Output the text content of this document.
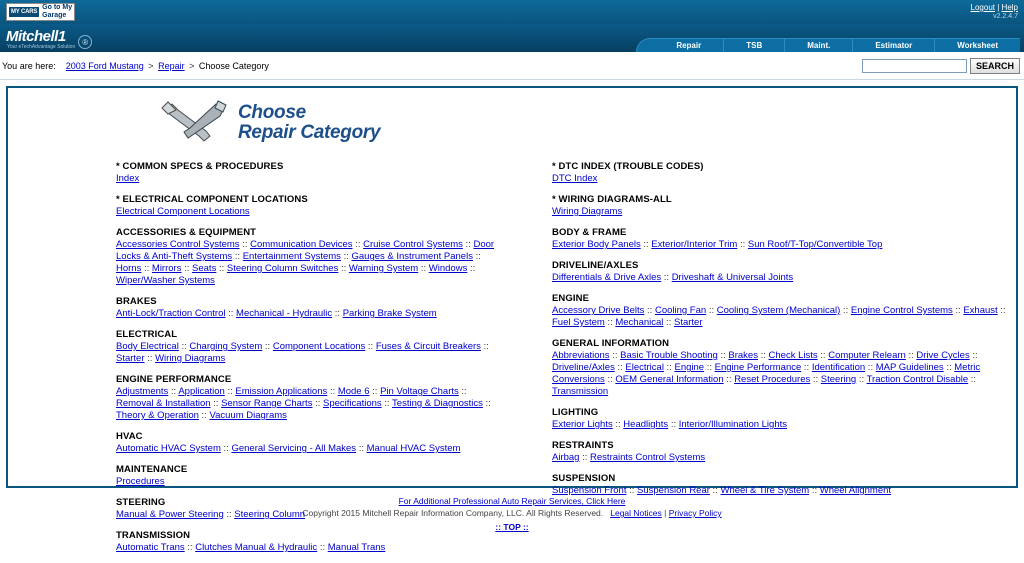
MY CARS
Go to My
Garage
Logout | Help
v2.2.4.7
Mitchell1
Your eTechAdvantage Solution ®	Repair	TSB	Maint.	Estimator	Worksheet
You are here: 2003 Ford Mustang > Repair > Choose Category	SEARCH
Choose
Repair Category
* COMMON SPECS & PROCEDURES
Index
* ELECTRICAL COMPONENT LOCATIONS
Electrical Component Locations
ACCESSORIES & EQUIPMENT
Accessories Control Systems :: Communication Devices :: Cruise Control Systems :: Door Locks & Anti-Theft Systems :: Entertainment Systems :: Gauges & Instrument Panels :: Horns :: Mirrors :: Seats :: Steering Column Switches :: Warning System :: Windows :: Wiper/Washer Systems
BRAKES
Anti-Lock/Traction Control :: Mechanical - Hydraulic :: Parking Brake System
ELECTRICAL
Body Electrical :: Charging System :: Component Locations :: Fuses & Circuit Breakers :: Starter :: Wiring Diagrams
ENGINE PERFORMANCE
Adjustments :: Application :: Emission Applications :: Mode 6 :: Pin Voltage Charts :: Removal & Installation :: Sensor Range Charts :: Specifications :: Testing & Diagnostics :: Theory & Operation :: Vacuum Diagrams
HVAC
Automatic HVAC System :: General Servicing - All Makes :: Manual HVAC System
MAINTENANCE
Procedures
STEERING
Manual & Power Steering :: Steering Column
TRANSMISSION
Automatic Trans :: Clutches Manual & Hydraulic :: Manual Trans
* DTC INDEX (TROUBLE CODES)
DTC Index
* WIRING DIAGRAMS-ALL
Wiring Diagrams
BODY & FRAME
Exterior Body Panels :: Exterior/Interior Trim :: Sun Roof/T-Top/Convertible Top
DRIVELINE/AXLES
Differentials & Drive Axles :: Driveshaft & Universal Joints
ENGINE
Accessory Drive Belts :: Cooling Fan :: Cooling System (Mechanical) :: Engine Control Systems :: Exhaust :: Fuel System :: Mechanical :: Starter
GENERAL INFORMATION
Abbreviations :: Basic Trouble Shooting :: Brakes :: Check Lists :: Computer Relearn :: Drive Cycles :: Driveline/Axles :: Electrical :: Engine :: Engine Performance :: Identification :: MAP Guidelines :: Metric Conversions :: OEM General Information :: Reset Procedures :: Steering :: Traction Control Disable :: Transmission
LIGHTING
Exterior Lights :: Headlights :: Interior/Illumination Lights
RESTRAINTS
Airbag :: Restraints Control Systems
SUSPENSION
Suspension Front :: Suspension Rear :: Wheel & Tire System :: Wheel Alignment
For Additional Professional Auto Repair Services, Click Here
Copyright 2015 Mitchell Repair Information Company, LLC. All Rights Reserved. Legal Notices | Privacy Policy
:: TOP ::
